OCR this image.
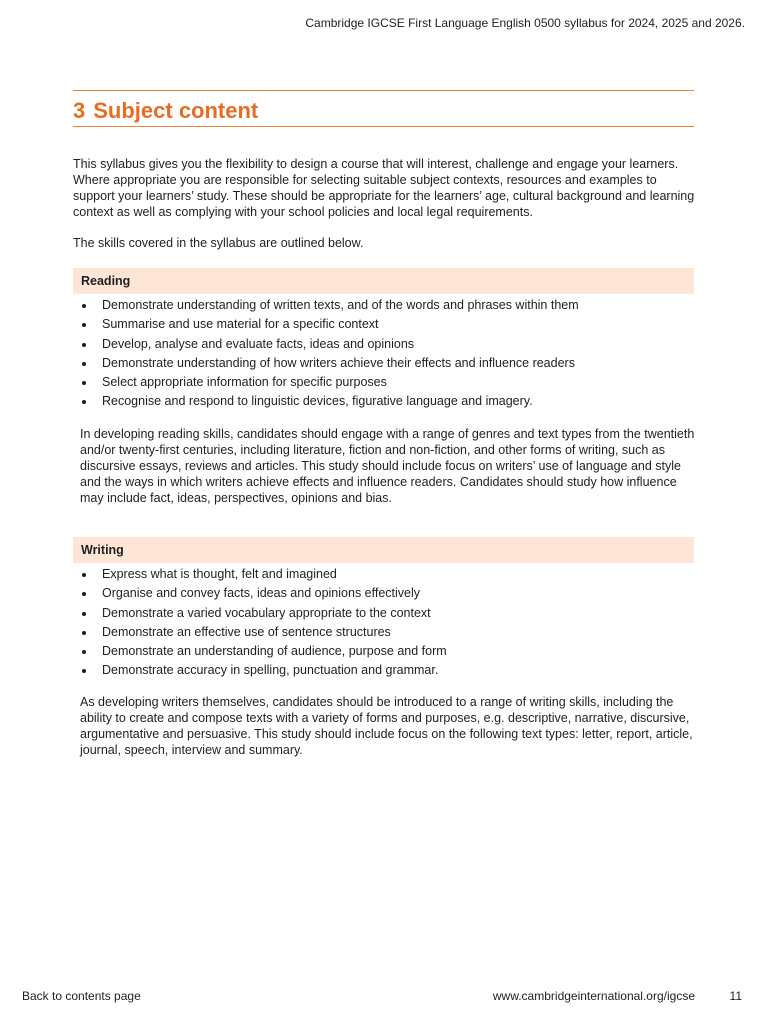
Cambridge IGCSE First Language English 0500 syllabus for 2024, 2025 and 2026.
3 Subject content

This syllabus gives you the flexibility to design a course that will interest, challenge and engage your learners. Where appropriate you are responsible for selecting suitable subject contexts, resources and examples to support your learners’ study. These should be appropriate for the learners’ age, cultural background and learning context as well as complying with your school policies and local legal requirements.

The skills covered in the syllabus are outlined below.

Reading
Demonstrate understanding of written texts, and of the words and phrases within them
Summarise and use material for a specific context
Develop, analyse and evaluate facts, ideas and opinions
Demonstrate understanding of how writers achieve their effects and influence readers
Select appropriate information for specific purposes
Recognise and respond to linguistic devices, figurative language and imagery.

In developing reading skills, candidates should engage with a range of genres and text types from the twentieth and/or twenty-first centuries, including literature, fiction and non-fiction, and other forms of writing, such as discursive essays, reviews and articles. This study should include focus on writers’ use of language and style and the ways in which writers achieve effects and influence readers. Candidates should study how influence may include fact, ideas, perspectives, opinions and bias.

Writing
Express what is thought, felt and imagined
Organise and convey facts, ideas and opinions effectively
Demonstrate a varied vocabulary appropriate to the context
Demonstrate an effective use of sentence structures
Demonstrate an understanding of audience, purpose and form
Demonstrate accuracy in spelling, punctuation and grammar.

As developing writers themselves, candidates should be introduced to a range of writing skills, including the ability to create and compose texts with a variety of forms and purposes, e.g. descriptive, narrative, discursive, argumentative and persuasive. This study should include focus on the following text types: letter, report, article, journal, speech, interview and summary.

Back to contents page	www.cambridgeinternational.org/igcse	11
